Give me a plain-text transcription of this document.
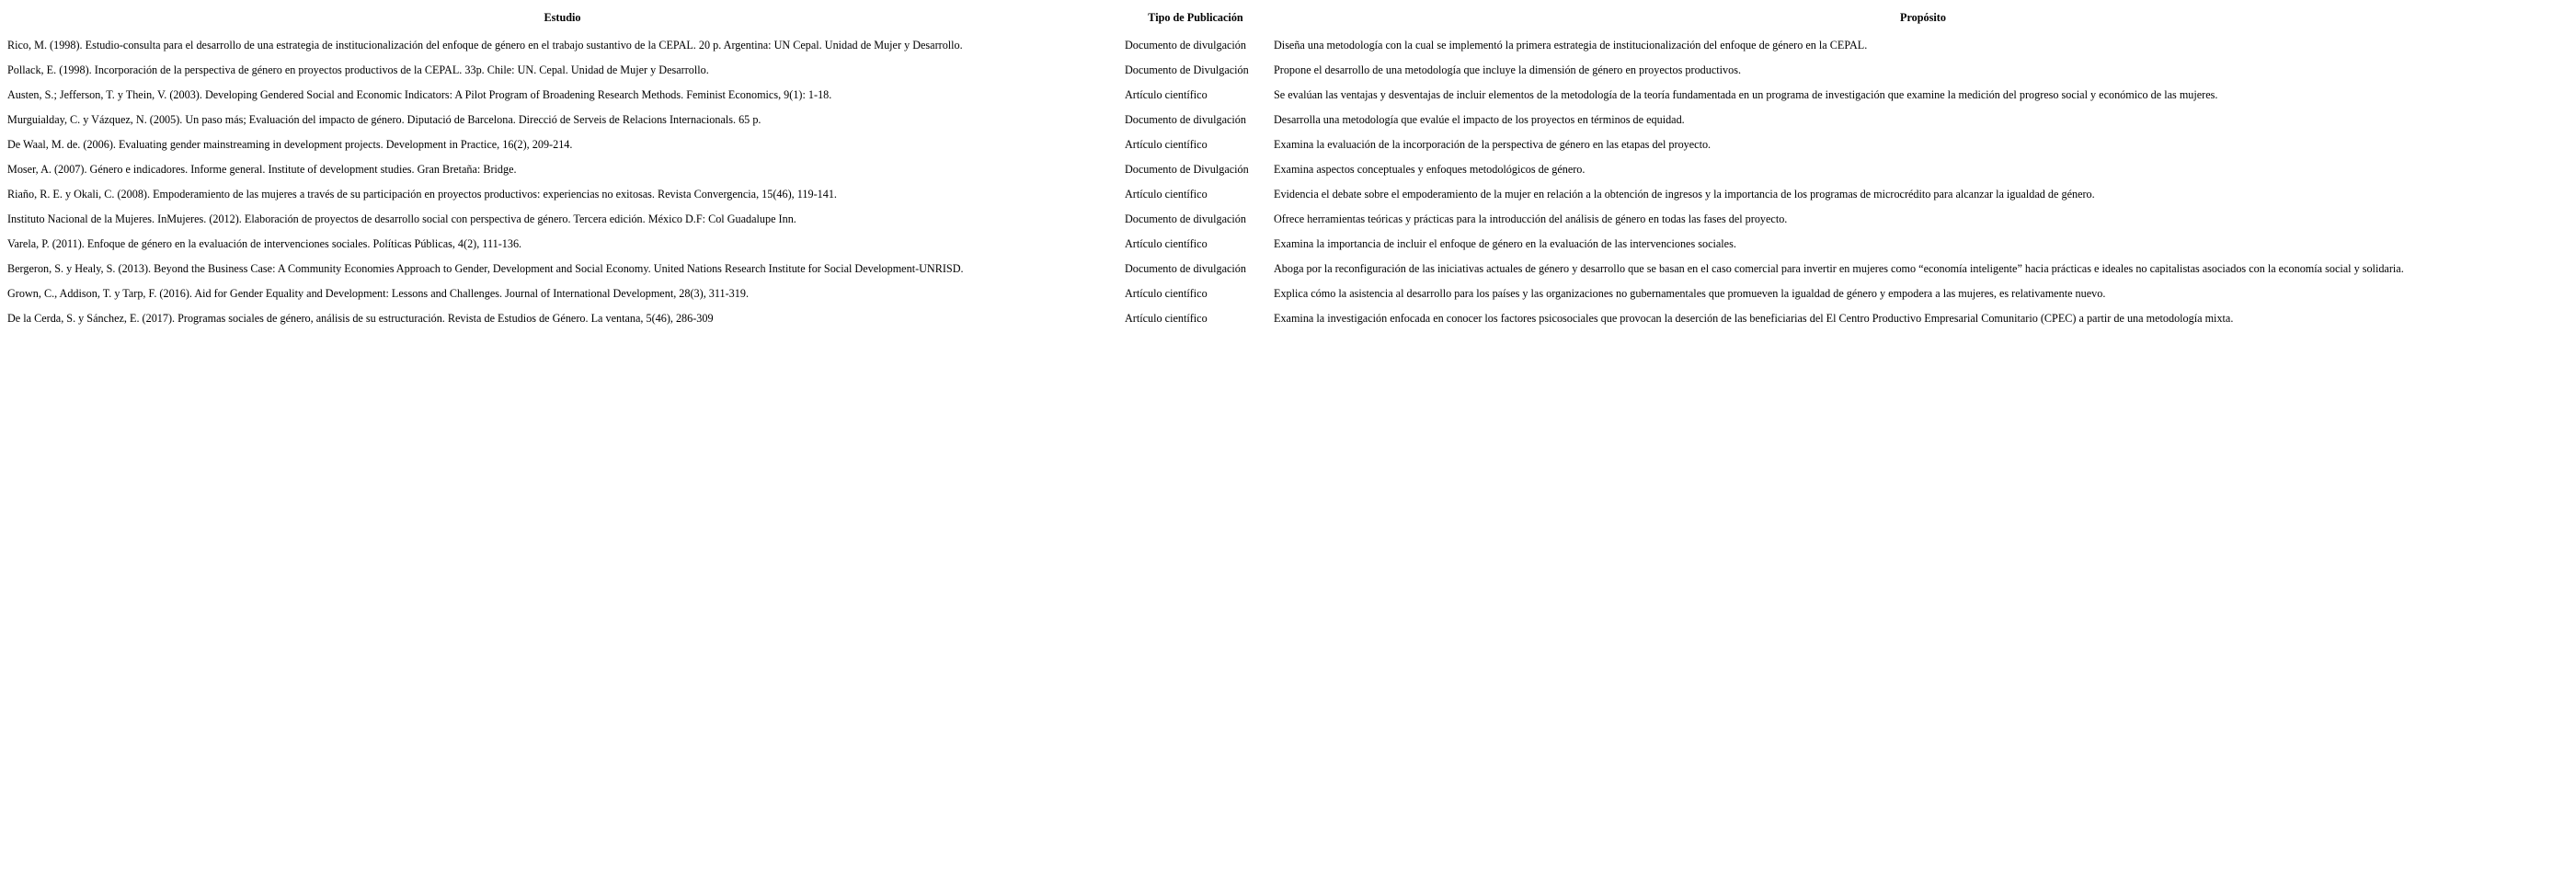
Estudio	Tipo de Publicación	Propósito
Rico, M. (1998). Estudio-consulta para el desarrollo de una estrategia de institucionalización del enfoque de género en el trabajo sustantivo de la CEPAL. 20 p. Argentina: UN Cepal. Unidad de Mujer y Desarrollo.	Documento de divulgación	Diseña una metodología con la cual se implementó la primera estrategia de institucionalización del enfoque de género en la CEPAL.
Pollack, E. (1998). Incorporación de la perspectiva de género en proyectos productivos de la CEPAL. 33p. Chile: UN. Cepal. Unidad de Mujer y Desarrollo.	Documento de Divulgación	Propone el desarrollo de una metodología que incluye la dimensión de género en proyectos productivos.
Austen, S.; Jefferson, T. y Thein, V. (2003). Developing Gendered Social and Economic Indicators: A Pilot Program of Broadening Research Methods. Feminist Economics, 9(1): 1-18.	Artículo científico	Se evalúan las ventajas y desventajas de incluir elementos de la metodología de la teoría fundamentada en un programa de investigación que examine la medición del progreso social y económico de las mujeres.
Murguialday, C. y Vázquez, N. (2005). Un paso más; Evaluación del impacto de género. Diputació de Barcelona. Direcció de Serveis de Relacions Internacionals. 65 p.	Documento de divulgación	Desarrolla una metodología que evalúe el impacto de los proyectos en términos de equidad.
De Waal, M. de. (2006). Evaluating gender mainstreaming in development projects. Development in Practice, 16(2), 209-214.	Artículo científico	Examina la evaluación de la incorporación de la perspectiva de género en las etapas del proyecto.
Moser, A. (2007). Género e indicadores. Informe general. Institute of development studies. Gran Bretaña: Bridge.	Documento de Divulgación	Examina aspectos conceptuales y enfoques metodológicos de género.
Riaño, R. E. y Okali, C. (2008). Empoderamiento de las mujeres a través de su participación en proyectos productivos: experiencias no exitosas. Revista Convergencia, 15(46), 119-141.	Artículo científico	Evidencia el debate sobre el empoderamiento de la mujer en relación a la obtención de ingresos y la importancia de los programas de microcrédito para alcanzar la igualdad de género.
Instituto Nacional de la Mujeres. InMujeres. (2012). Elaboración de proyectos de desarrollo social con perspectiva de género. Tercera edición. México D.F: Col Guadalupe Inn.	Documento de divulgación	Ofrece herramientas teóricas y prácticas para la introducción del análisis de género en todas las fases del proyecto.
Varela, P. (2011). Enfoque de género en la evaluación de intervenciones sociales. Políticas Públicas, 4(2), 111-136.	Artículo científico	Examina la importancia de incluir el enfoque de género en la evaluación de las intervenciones sociales.
Bergeron, S. y Healy, S. (2013). Beyond the Business Case: A Community Economies Approach to Gender, Development and Social Economy. United Nations Research Institute for Social Development-UNRISD.	Documento de divulgación	Aboga por la reconfiguración de las iniciativas actuales de género y desarrollo que se basan en el caso comercial para invertir en mujeres como “economía inteligente” hacia prácticas e ideales no capitalistas asociados con la economía social y solidaria.
Grown, C., Addison, T. y Tarp, F. (2016). Aid for Gender Equality and Development: Lessons and Challenges. Journal of International Development, 28(3), 311-319.	Artículo científico	Explica cómo la asistencia al desarrollo para los países y las organizaciones no gubernamentales que promueven la igualdad de género y empodera a las mujeres, es relativamente nuevo.
De la Cerda, S. y Sánchez, E. (2017). Programas sociales de género, análisis de su estructuración. Revista de Estudios de Género. La ventana, 5(46), 286-309	Artículo científico	Examina la investigación enfocada en conocer los factores psicosociales que provocan la deserción de las beneficiarias del El Centro Productivo Empresarial Comunitario (CPEC) a partir de una metodología mixta.
